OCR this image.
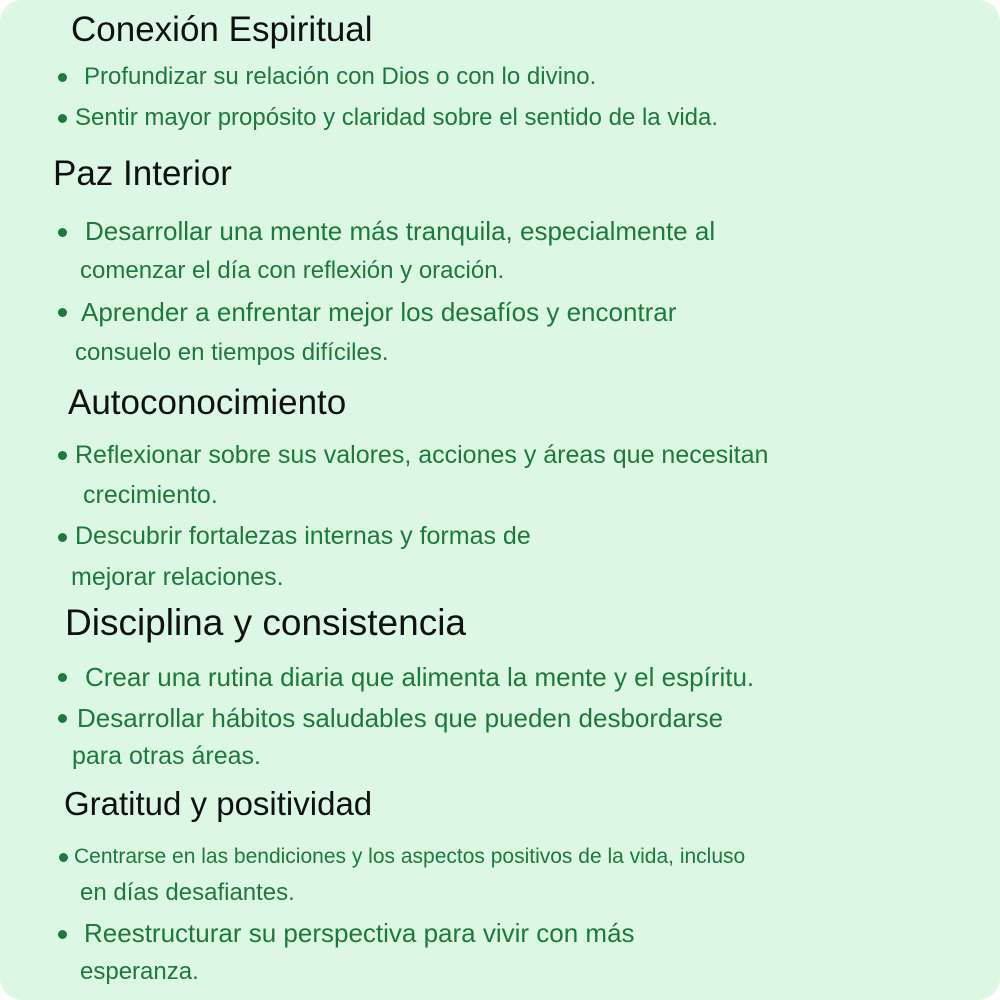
Conexión Espiritual

Profundizar su relación con Dios o con lo divino.

Sentir mayor propósito y claridad sobre el sentido de la vida.

Paz Interior

Desarrollar una mente más tranquila, especialmente al

comenzar el día con reflexión y oración.

Aprender a enfrentar mejor los desafíos y encontrar

consuelo en tiempos difíciles.

Autoconocimiento

Reflexionar sobre sus valores, acciones y áreas que necesitan

crecimiento.

Descubrir fortalezas internas y formas de

mejorar relaciones.

Disciplina y consistencia

Crear una rutina diaria que alimenta la mente y el espíritu.

Desarrollar hábitos saludables que pueden desbordarse

para otras áreas.

Gratitud y positividad

Centrarse en las bendiciones y los aspectos positivos de la vida, incluso

en días desafiantes.

Reestructurar su perspectiva para vivir con más

esperanza.
